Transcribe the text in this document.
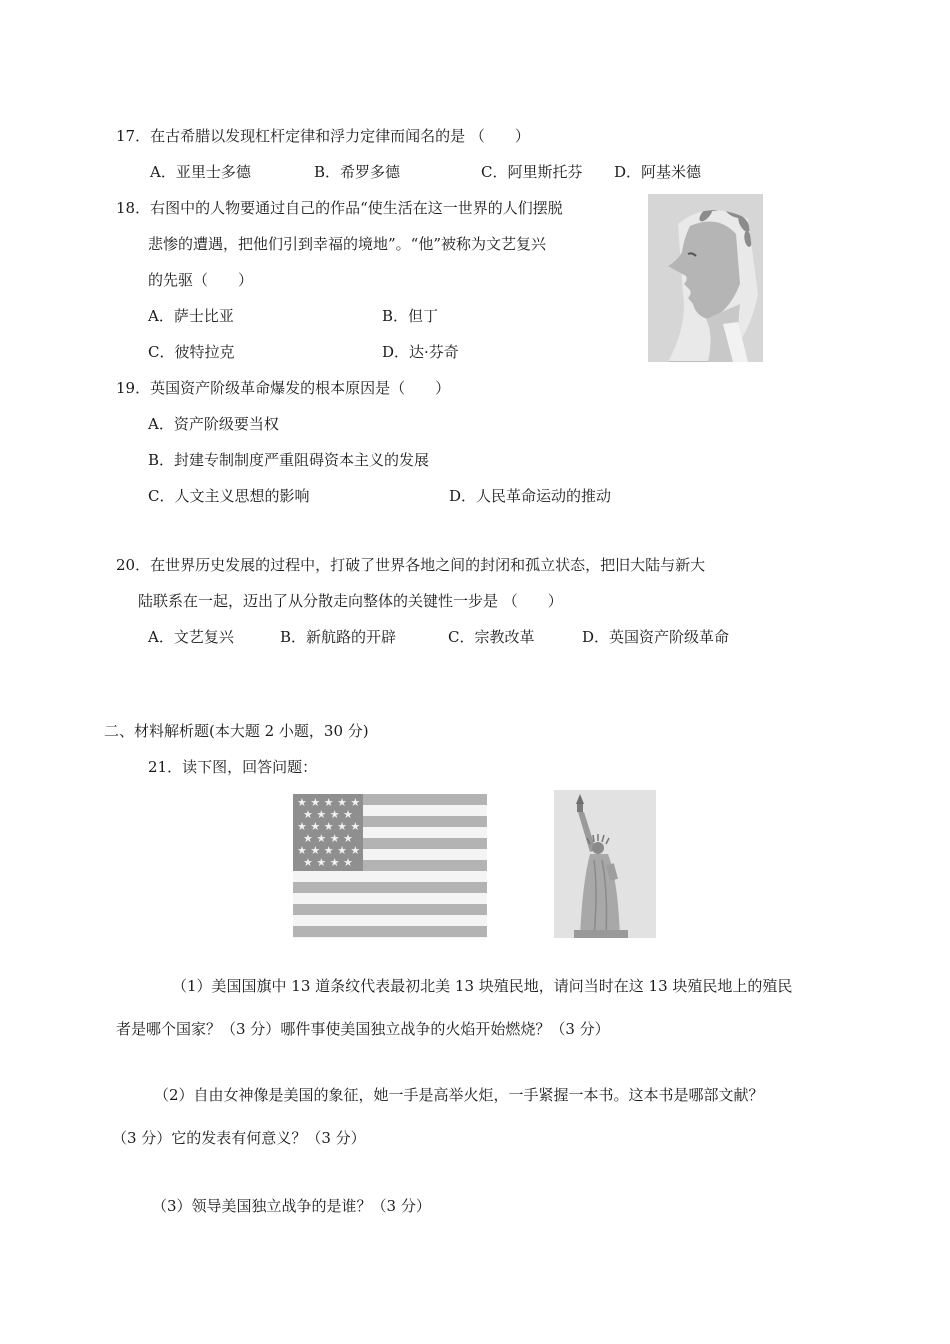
17．在古希腊以发现杠杆定律和浮力定律而闻名的是 （　　）
A．亚里士多德	B．希罗多德	C．阿里斯托芬 D．阿基米德
18．右图中的人物要通过自己的作品“使生活在这一世界的人们摆脱
悲惨的遭遇，把他们引到幸福的境地”。“他”被称为文艺复兴
的先驱（　　）
A．萨士比亚	B．但丁
C．彼特拉克	D．达·芬奇
19．英国资产阶级革命爆发的根本原因是（　　）
A．资产阶级要当权
B．封建专制制度严重阻碍资本主义的发展
C．人文主义思想的影响	D．人民革命运动的推动
20．在世界历史发展的过程中，打破了世界各地之间的封闭和孤立状态，把旧大陆与新大
陆联系在一起，迈出了从分散走向整体的关键性一步是 （　　）
A．文艺复兴	B．新航路的开辟	C．宗教改革	D．英国资产阶级革命
二、材料解析题(本大题 2 小题，30 分)
21．读下图，回答问题：
★ ★ ★ ★ ★
★ ★ ★ ★
★ ★ ★ ★ ★
★ ★ ★ ★
★ ★ ★ ★ ★
★ ★ ★ ★
（1）美国国旗中 13 道条纹代表最初北美 13 块殖民地，请问当时在这 13 块殖民地上的殖民
者是哪个国家？（3 分）哪件事使美国独立战争的火焰开始燃烧？（3 分）
（2）自由女神像是美国的象征，她一手是高举火炬，一手紧握一本书。这本书是哪部文献？
（3 分）它的发表有何意义？（3 分）
（3）领导美国独立战争的是谁？（3 分）
